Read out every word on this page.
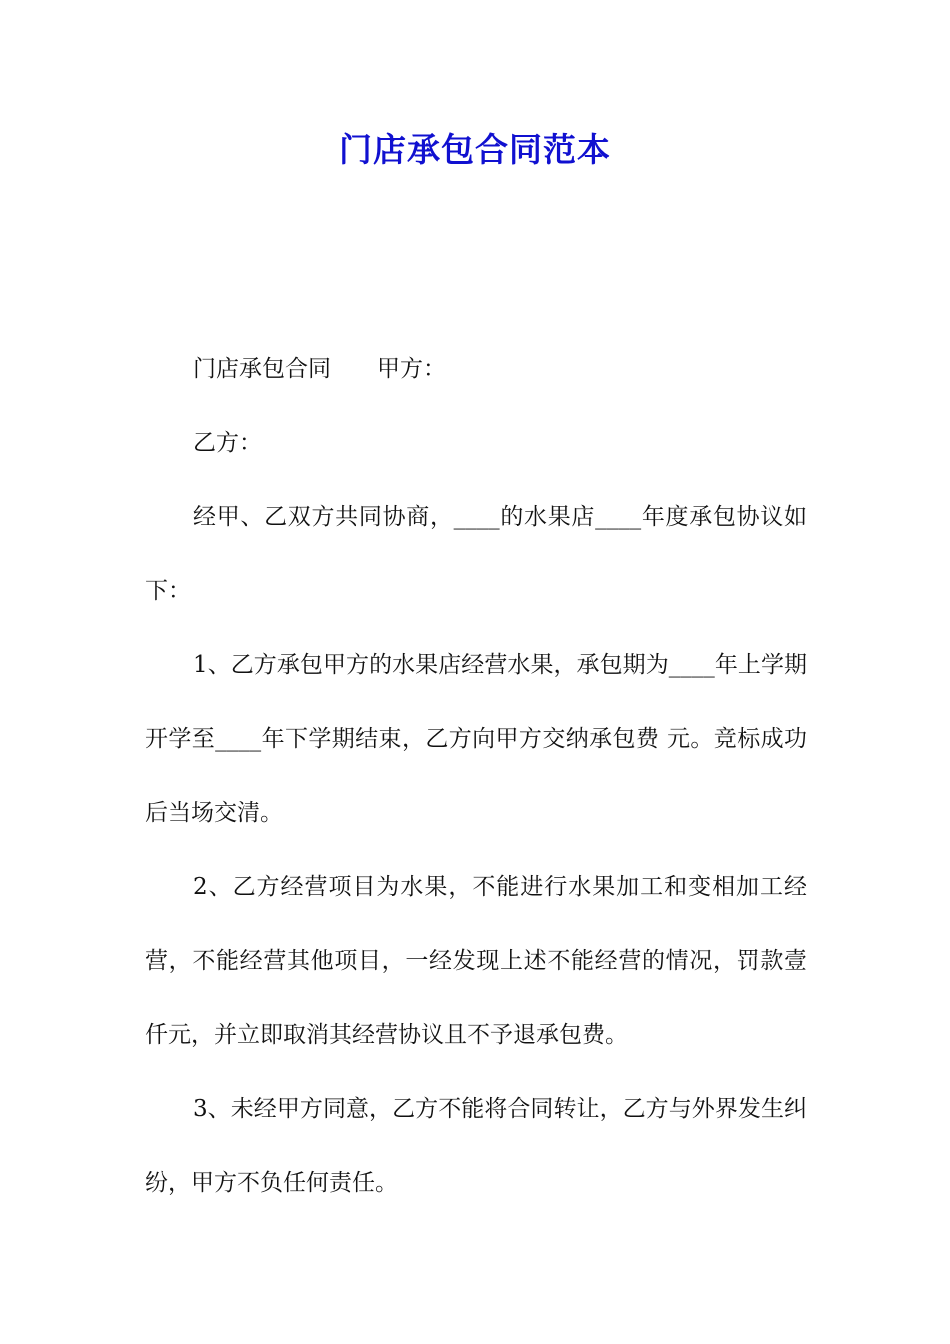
门店承包合同范本

门店承包合同 甲方：

乙方：

经甲、乙双方共同协商，____的水果店____年度承包协议如下：

1、乙方承包甲方的水果店经营水果，承包期为____年上学期开学至____年下学期结束，乙方向甲方交纳承包费 元。竞标成功后当场交清。

2、乙方经营项目为水果，不能进行水果加工和变相加工经营，不能经营其他项目，一经发现上述不能经营的情况，罚款壹仟元，并立即取消其经营协议且不予退承包费。

3、未经甲方同意，乙方不能将合同转让，乙方与外界发生纠纷，甲方不负任何责任。
